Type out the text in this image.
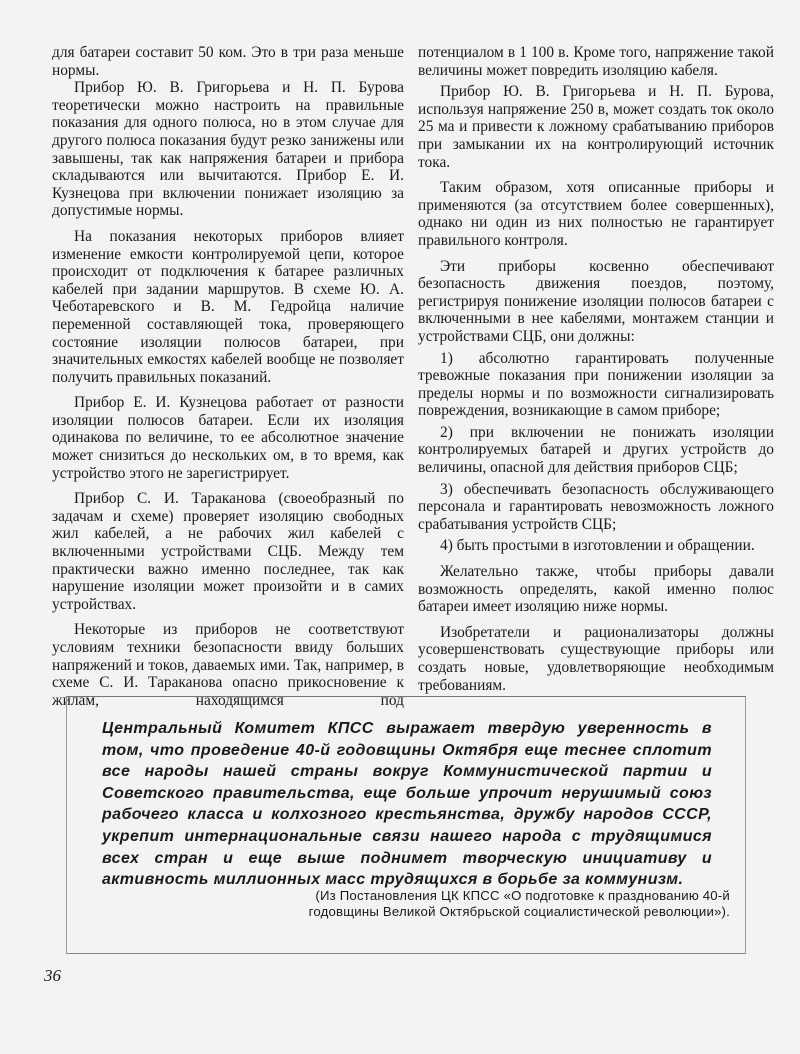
для батареи составит 50 ком. Это в три раза меньше нормы.

Прибор Ю. В. Григорьева и Н. П. Бурова теоретически можно настроить на правильные показания для одного полюса, но в этом случае для другого полюса показания будут резко занижены или завышены, так как напряжения батареи и прибора складываются или вычитаются. Прибор Е. И. Кузнецова при включении понижает изоляцию за допустимые нормы.

На показания некоторых приборов влияет изменение емкости контролируемой цепи, которое происходит от подключения к батарее различных кабелей при задании маршрутов. В схеме Ю. А. Чеботаревского и В. М. Гедройца наличие переменной составляющей тока, проверяющего состояние изоляции полюсов батареи, при значительных емкостях кабелей вообще не позволяет получить правильных показаний.

Прибор Е. И. Кузнецова работает от разности изоляции полюсов батареи. Если их изоляция одинакова по величине, то ее абсолютное значение может снизиться до нескольких ом, в то время, как устройство этого не зарегистрирует.

Прибор С. И. Тараканова (своеобразный по задачам и схеме) проверяет изоляцию свободных жил кабелей, а не рабочих жил кабелей с включенными устройствами СЦБ. Между тем практически важно именно последнее, так как нарушение изоляции может произойти и в самих устройствах.

Некоторые из приборов не соответствуют условиям техники безопасности ввиду больших напряжений и токов, даваемых ими. Так, например, в схеме С. И. Тараканова опасно прикосновение к жилам, находящимся под

потенциалом в 1 100 в. Кроме того, напряжение такой величины может повредить изоляцию кабеля.

Прибор Ю. В. Григорьева и Н. П. Бурова, используя напряжение 250 в, может создать ток около 25 ма и привести к ложному срабатыванию приборов при замыкании их на контролирующий источник тока.

Таким образом, хотя описанные приборы и применяются (за отсутствием более совершенных), однако ни один из них полностью не гарантирует правильного контроля.

Эти приборы косвенно обеспечивают безопасность движения поездов, поэтому, регистрируя понижение изоляции полюсов батареи с включенными в нее кабелями, монтажем станции и устройствами СЦБ, они должны:

1) абсолютно гарантировать полученные тревожные показания при понижении изоляции за пределы нормы и по возможности сигнализировать повреждения, возникающие в самом приборе;

2) при включении не понижать изоляции контролируемых батарей и других устройств до величины, опасной для действия приборов СЦБ;

3) обеспечивать безопасность обслуживающего персонала и гарантировать невозможность ложного срабатывания устройств СЦБ;

4) быть простыми в изготовлении и обращении.

Желательно также, чтобы приборы давали возможность определять, какой именно полюс батареи имеет изоляцию ниже нормы.

Изобретатели и рационализаторы должны усовершенствовать существующие приборы или создать новые, удовлетворяющие необходимым требованиям.

Центральный Комитет КПСС выражает твердую уверенность в том, что проведение 40-й годовщины Октября еще теснее сплотит все народы нашей страны вокруг Коммунистической партии и Советского правительства, еще больше упрочит нерушимый союз рабочего класса и колхозного крестьянства, дружбу народов СССР, укрепит интернациональные связи нашего народа с трудящимися всех стран и еще выше поднимет творческую инициативу и активность миллионных масс трудящихся в борьбе за коммунизм.
(Из Постановления ЦК КПСС «О подготовке к празднованию 40-й годовщины Великой Октябрьской социалистической революции»).
36
